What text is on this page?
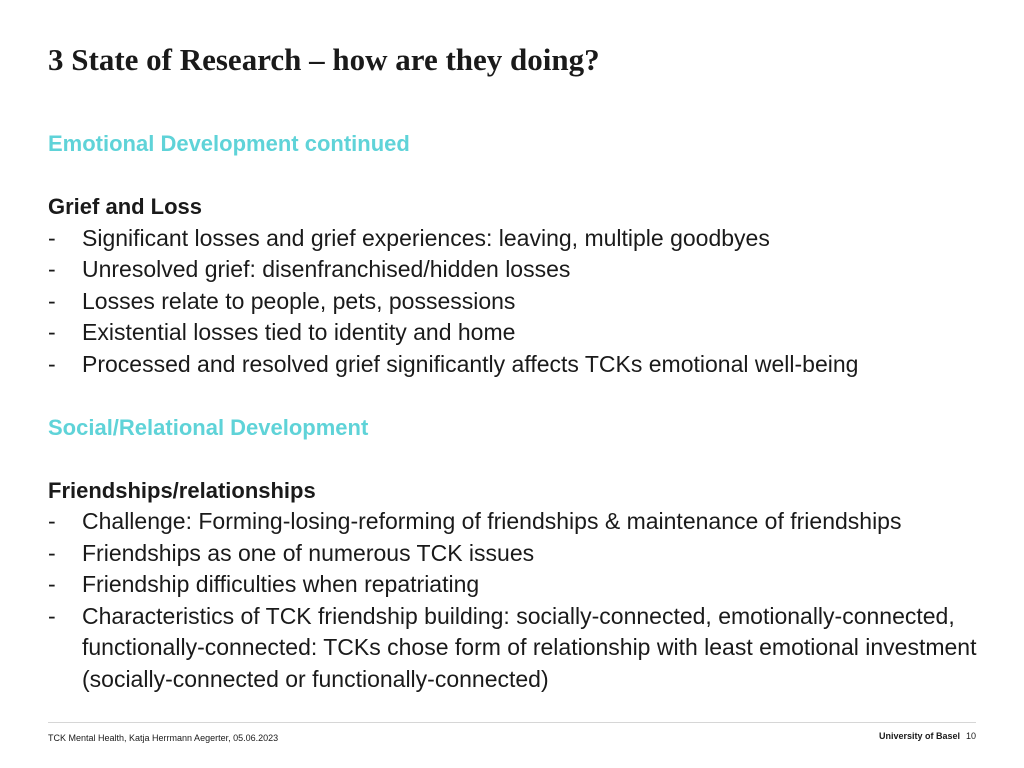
3 State of Research – how are they doing?
Emotional Development continued
Grief and Loss
-	Significant losses and grief experiences: leaving, multiple goodbyes
-	Unresolved grief: disenfranchised/hidden losses
-	Losses relate to people, pets, possessions
-	Existential losses tied to identity and home
-	Processed and resolved grief significantly affects TCKs emotional well-being
Social/Relational Development
Friendships/relationships
-	Challenge: Forming-losing-reforming of friendships & maintenance of friendships
-	Friendships as one of numerous TCK issues
-	Friendship difficulties when repatriating
-	Characteristics of TCK friendship building: socially-connected, emotionally-connected, functionally-connected: TCKs chose form of relationship with least emotional investment (socially-connected or functionally-connected)
TCK Mental Health, Katja Herrmann Aegerter, 05.06.2023	University of Basel 10
